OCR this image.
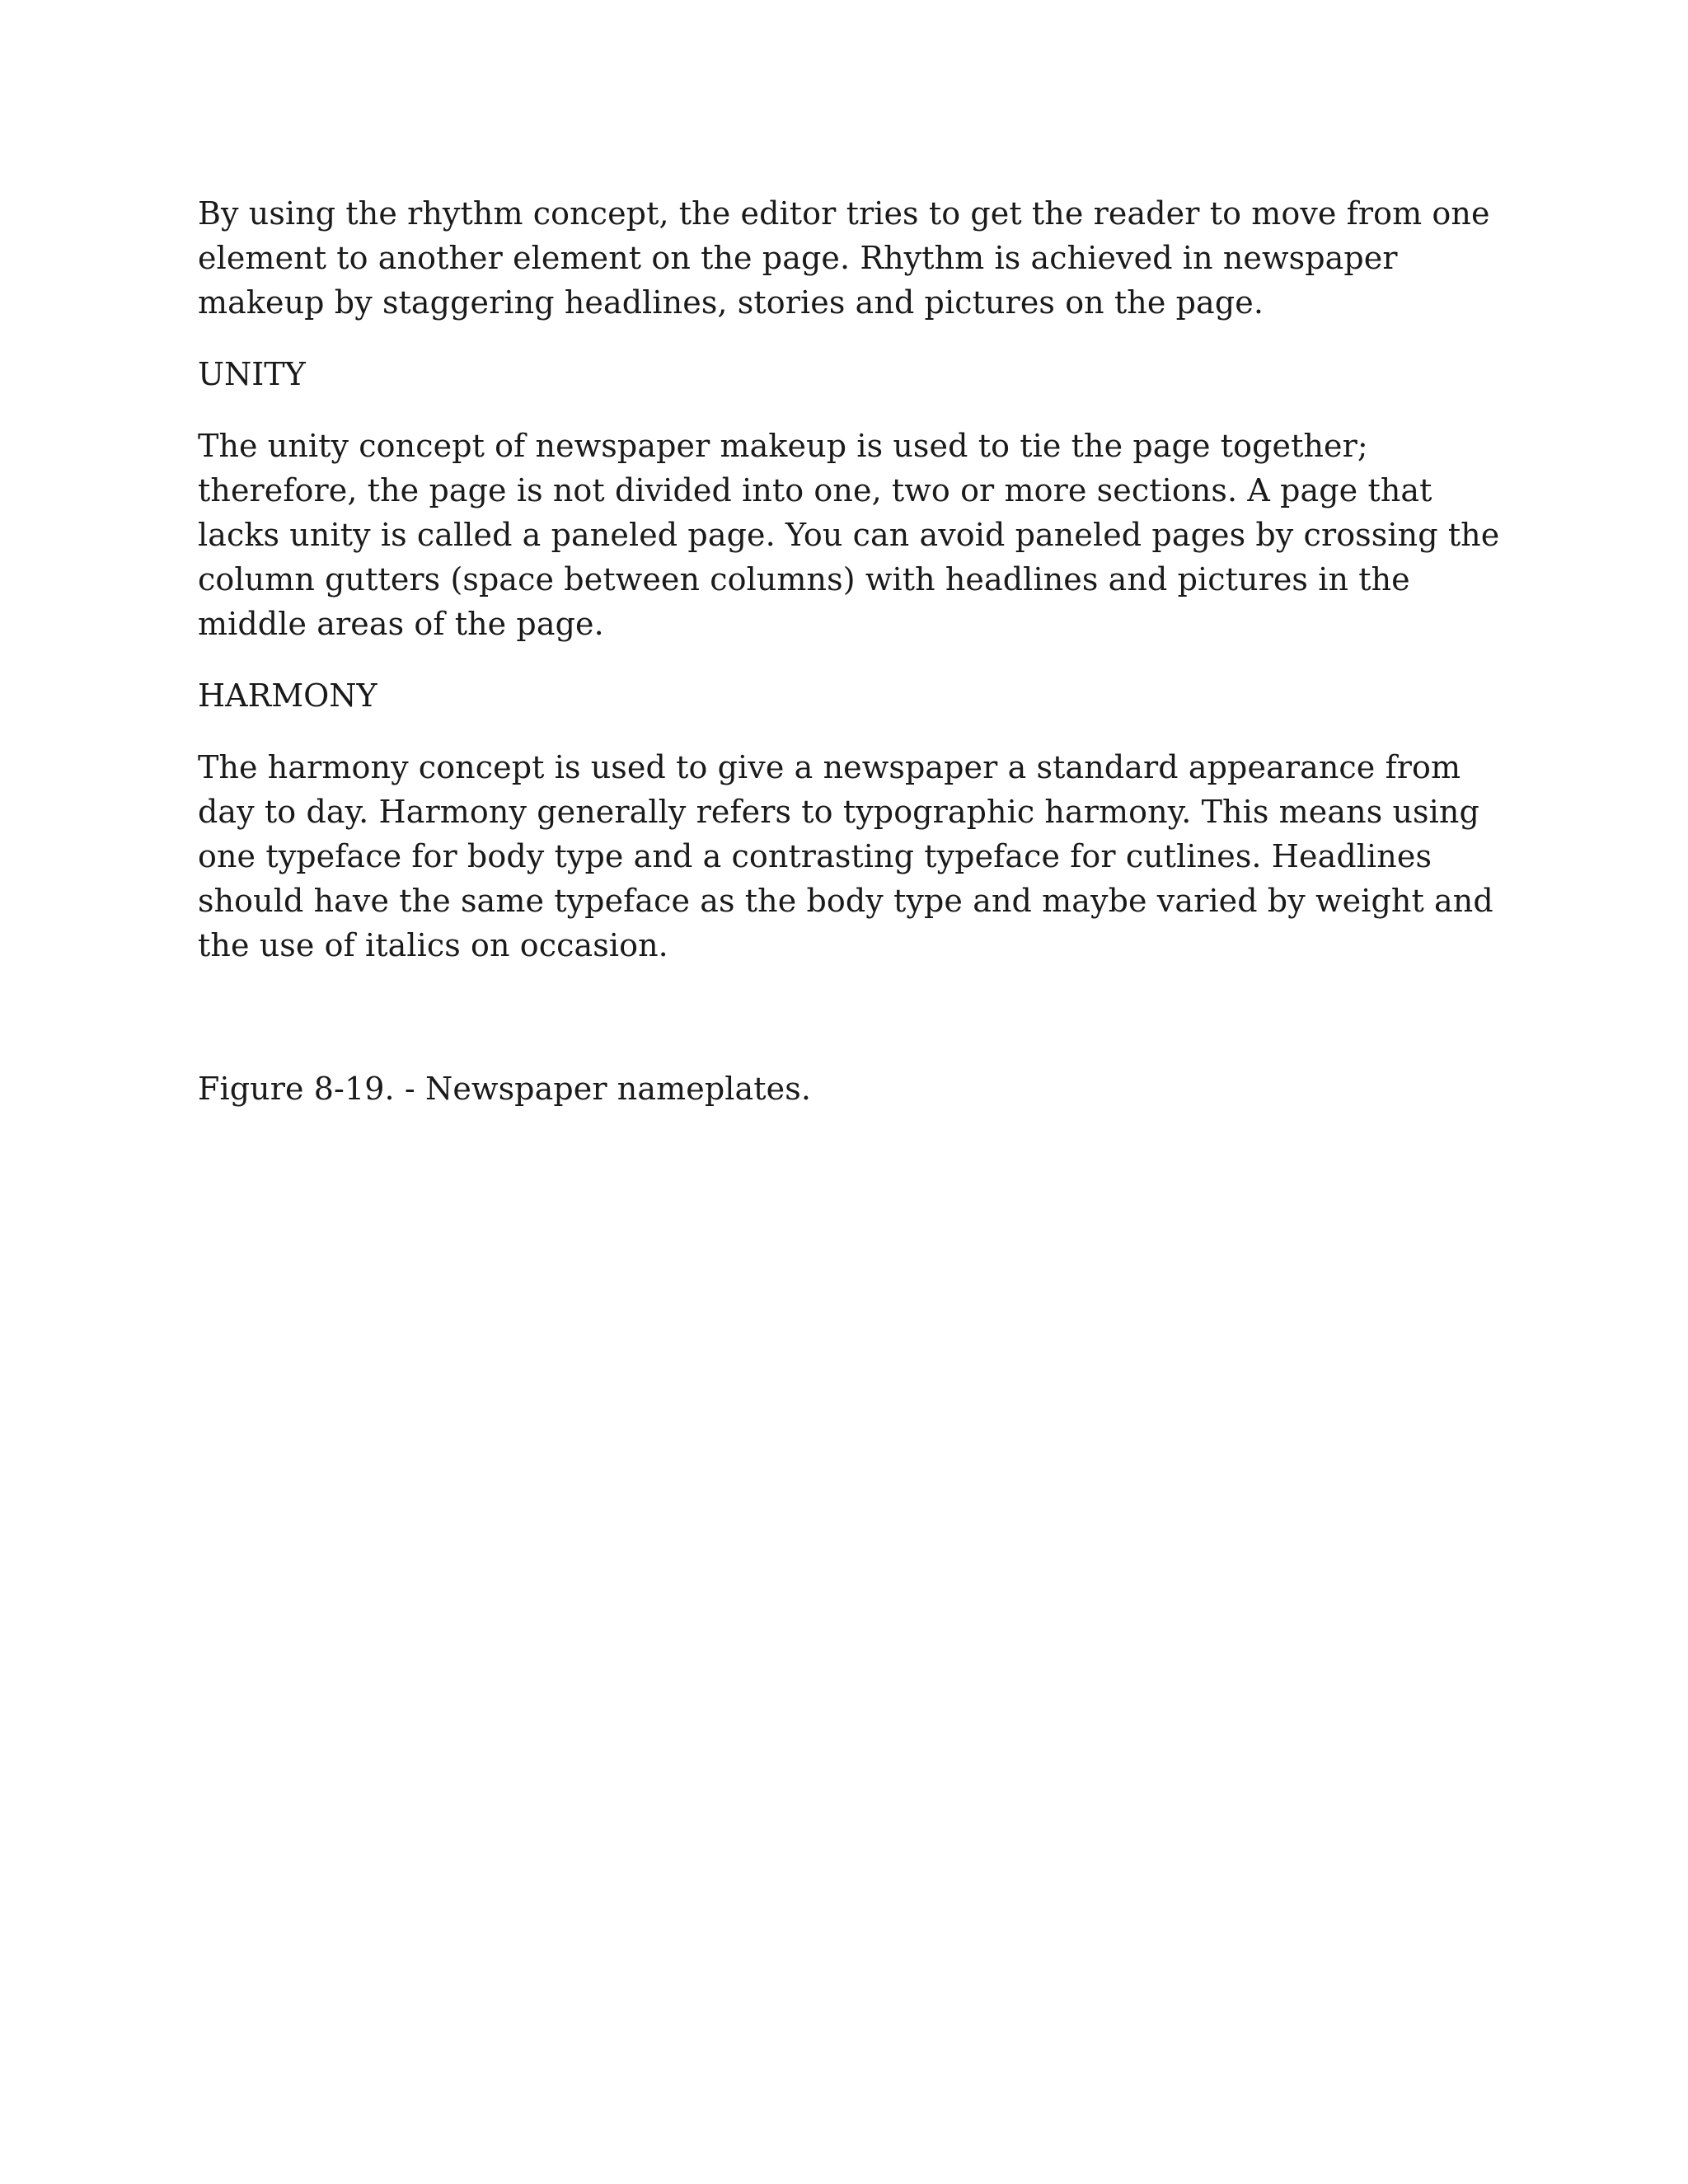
By using the rhythm concept, the editor tries to get the reader to move from one element to another element on the page. Rhythm is achieved in newspaper makeup by staggering headlines, stories and pictures on the page.

UNITY

The unity concept of newspaper makeup is used to tie the page together; therefore, the page is not divided into one, two or more sections. A page that lacks unity is called a paneled page. You can avoid paneled pages by crossing the column gutters (space between columns) with headlines and pictures in the middle areas of the page.

HARMONY

The harmony concept is used to give a newspaper a standard appearance from day to day. Harmony generally refers to typographic harmony. This means using one typeface for body type and a contrasting typeface for cutlines. Headlines should have the same typeface as the body type and maybe varied by weight and the use of italics on occasion.

Figure 8-19. - Newspaper nameplates.
